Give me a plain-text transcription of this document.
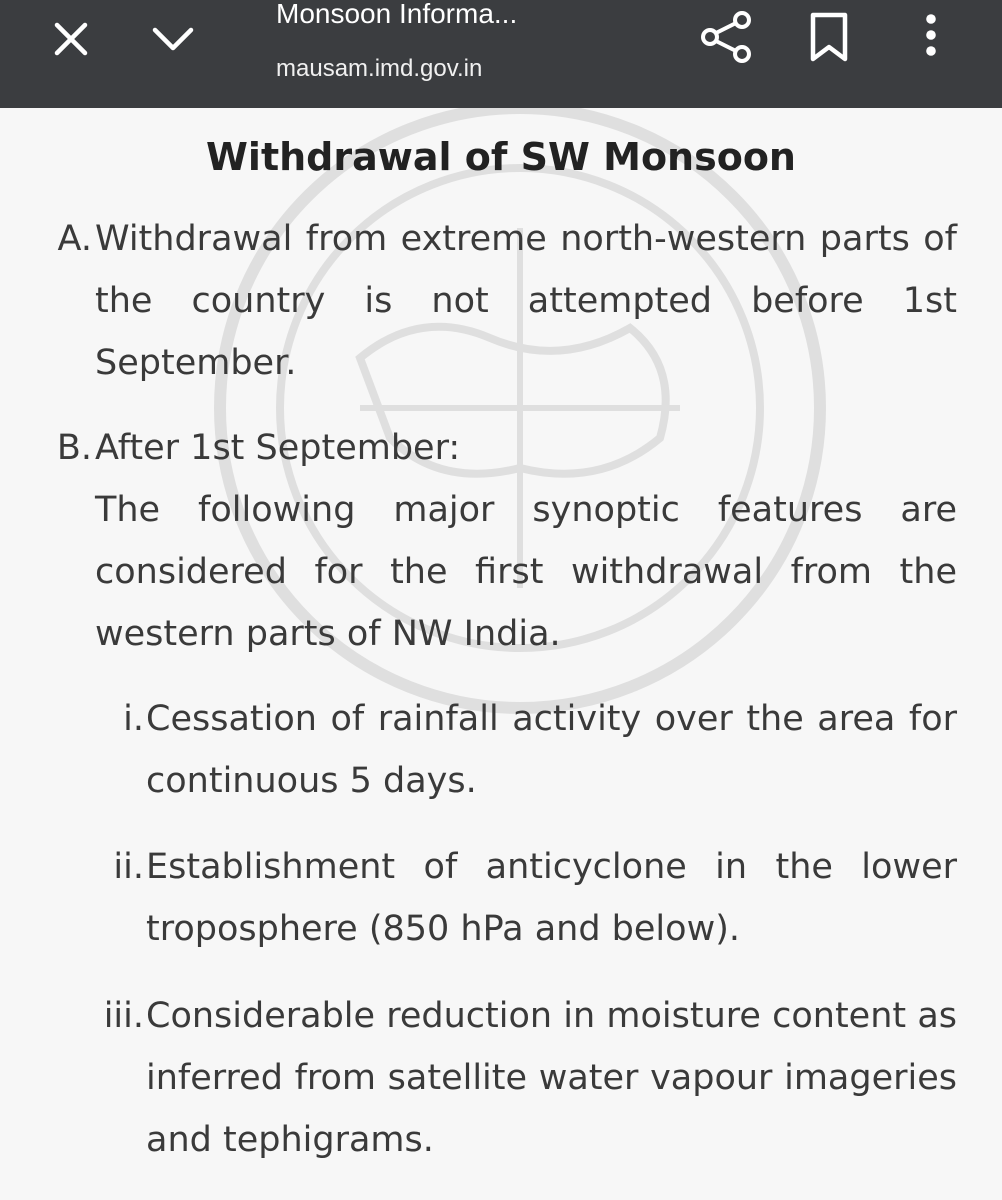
Monsoon Informa...
mausam.imd.gov.in
Withdrawal of SW Monsoon
A. Withdrawal from extreme north-western parts of the country is not attempted before 1st September.
B. After 1st September:
The following major synoptic features are considered for the first withdrawal from the western parts of NW India.
i. Cessation of rainfall activity over the area for continuous 5 days.
ii. Establishment of anticyclone in the lower troposphere (850 hPa and below).
iii. Considerable reduction in moisture content as inferred from satellite water vapour imageries and tephigrams.
